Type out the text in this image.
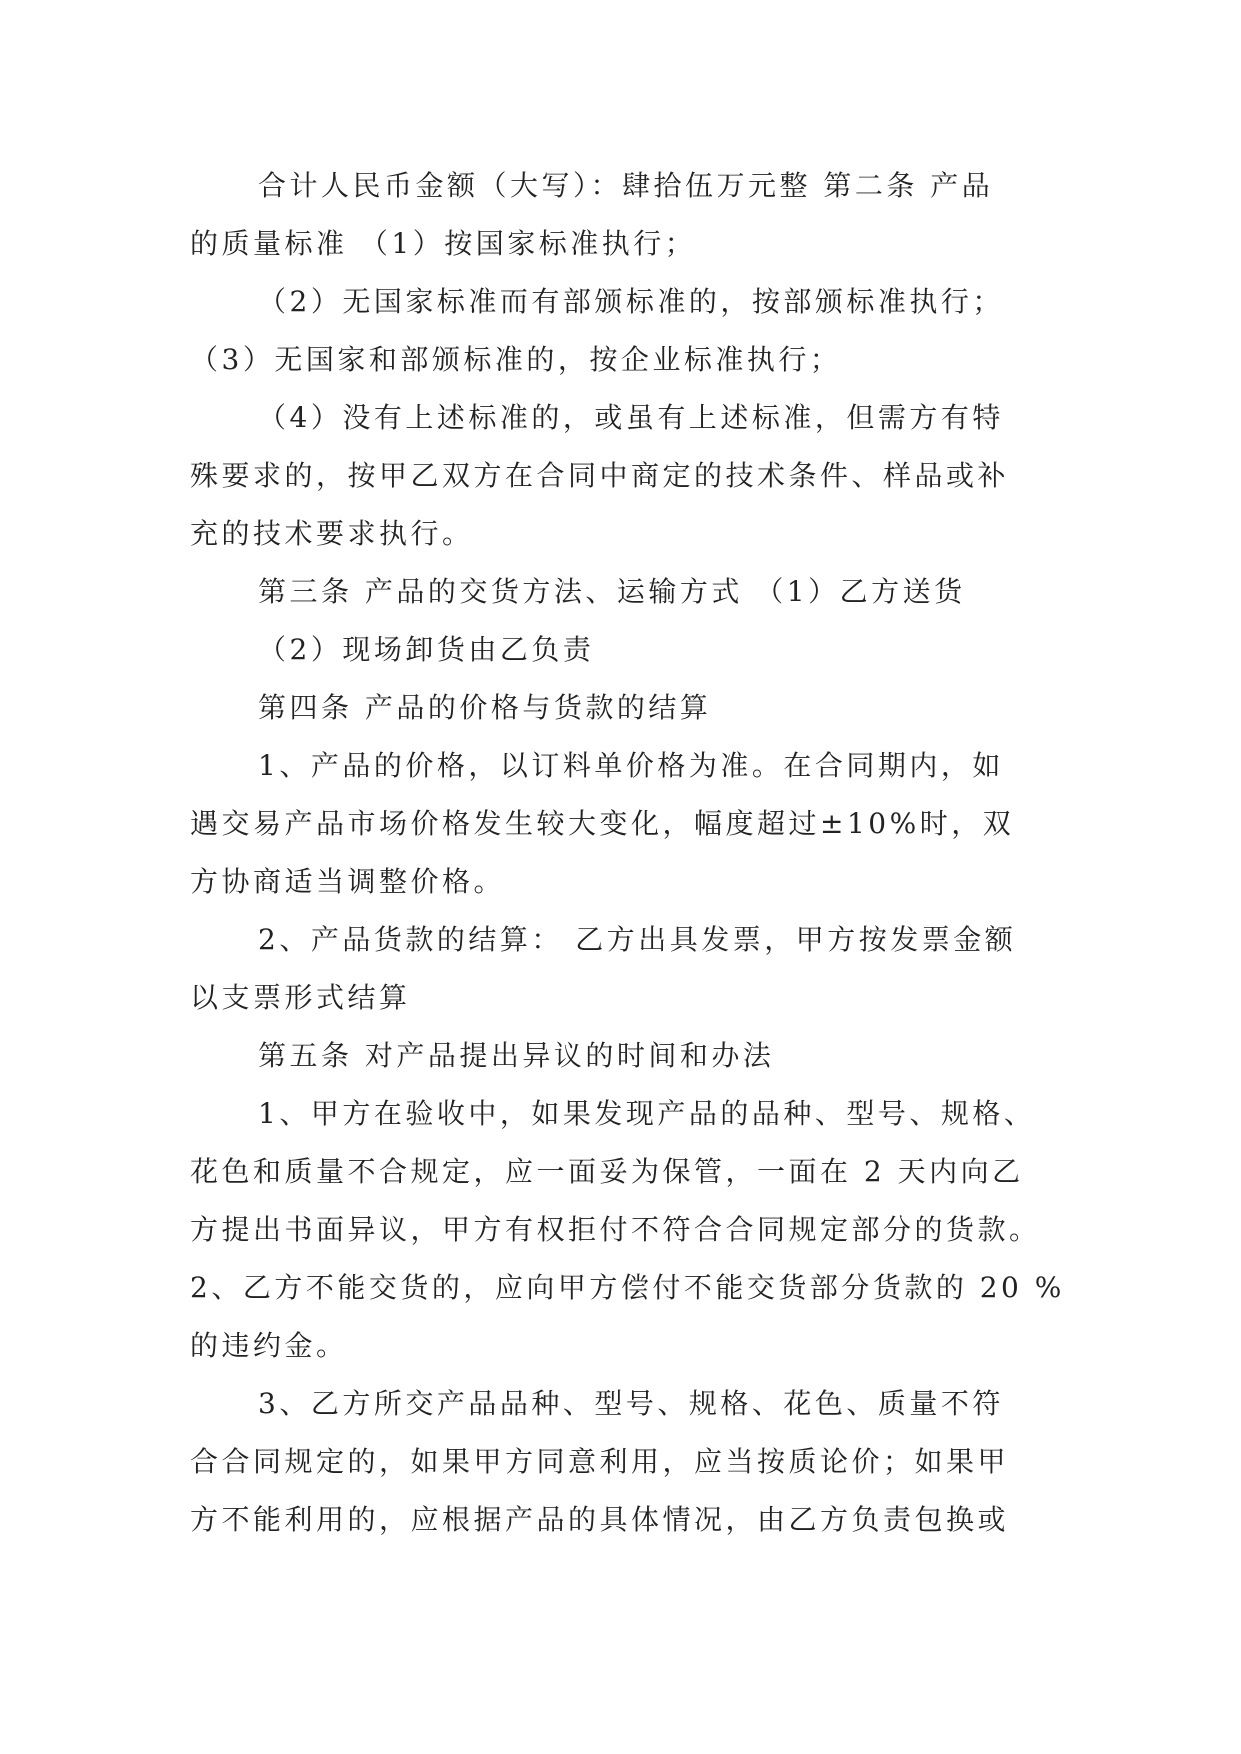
合计人民币金额（大写）：肆拾伍万元整 第二条 产品
的质量标准 （1）按国家标准执行；
（2）无国家标准而有部颁标准的，按部颁标准执行；
（3）无国家和部颁标准的，按企业标准执行；
（4）没有上述标准的，或虽有上述标准，但需方有特
殊要求的，按甲乙双方在合同中商定的技术条件、样品或补
充的技术要求执行。
第三条 产品的交货方法、运输方式 （1）乙方送货
（2）现场卸货由乙负责
第四条 产品的价格与货款的结算
1、产品的价格，以订料单价格为准。在合同期内，如
遇交易产品市场价格发生较大变化，幅度超过±10%时，双
方协商适当调整价格。
2、产品货款的结算： 乙方出具发票，甲方按发票金额
以支票形式结算
第五条 对产品提出异议的时间和办法
1、甲方在验收中，如果发现产品的品种、型号、规格、
花色和质量不合规定，应一面妥为保管，一面在 2 天内向乙
方提出书面异议，甲方有权拒付不符合合同规定部分的货款。
2、乙方不能交货的，应向甲方偿付不能交货部分货款的 20 %
的违约金。
3、乙方所交产品品种、型号、规格、花色、质量不符
合合同规定的，如果甲方同意利用，应当按质论价；如果甲
方不能利用的，应根据产品的具体情况，由乙方负责包换或
